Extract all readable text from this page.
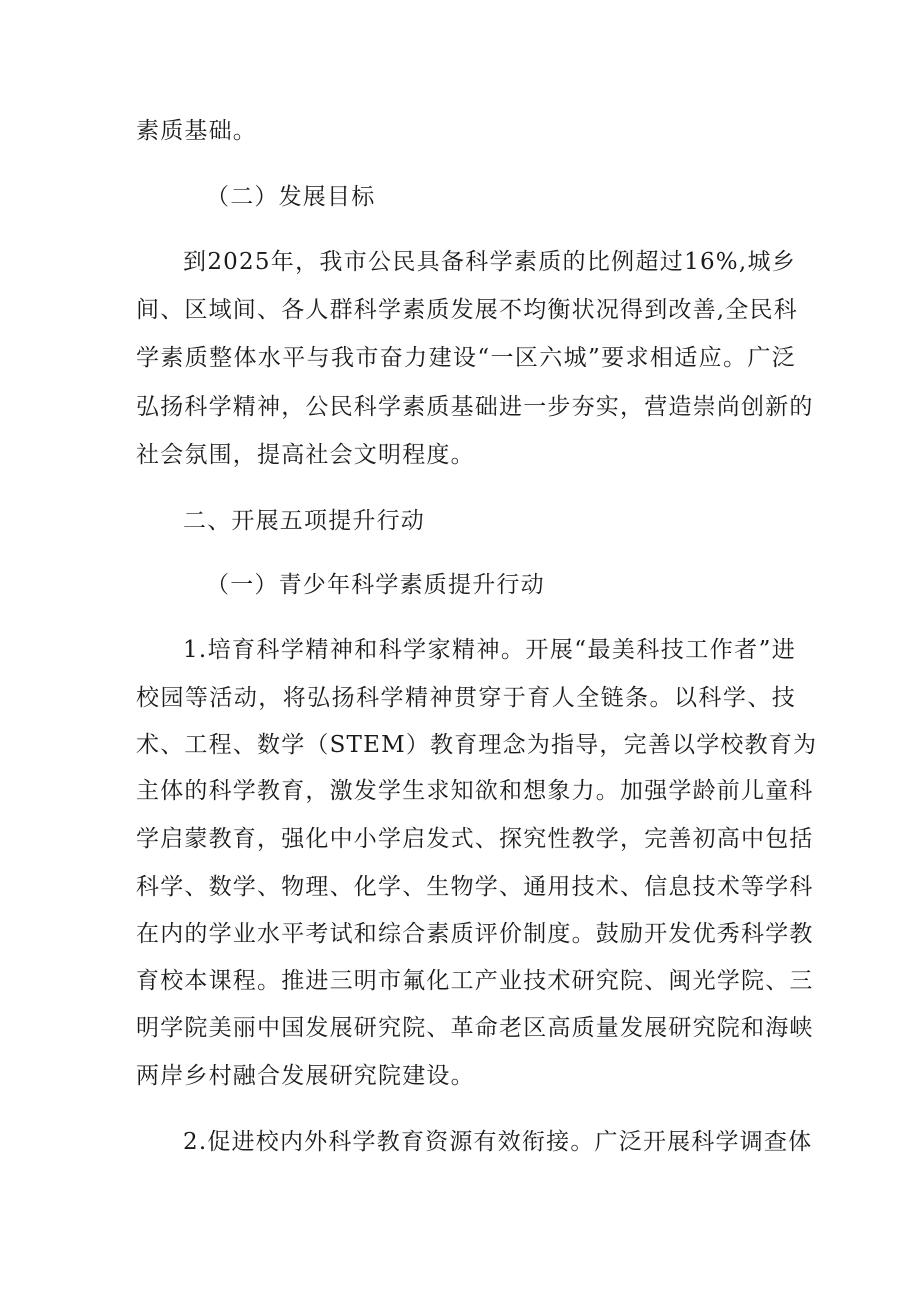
素质基础。
（二）发展目标
到2025年，我市公民具备科学素质的比例超过16%,城乡
间、区域间、各人群科学素质发展不均衡状况得到改善,全民科
学素质整体水平与我市奋力建设“一区六城”要求相适应。广泛
弘扬科学精神，公民科学素质基础进一步夯实，营造崇尚创新的
社会氛围，提高社会文明程度。
二、开展五项提升行动
（一）青少年科学素质提升行动
1.培育科学精神和科学家精神。开展“最美科技工作者”进
校园等活动，将弘扬科学精神贯穿于育人全链条。以科学、技
术、工程、数学（STEM）教育理念为指导，完善以学校教育为
主体的科学教育，激发学生求知欲和想象力。加强学龄前儿童科
学启蒙教育，强化中小学启发式、探究性教学，完善初高中包括
科学、数学、物理、化学、生物学、通用技术、信息技术等学科
在内的学业水平考试和综合素质评价制度。鼓励开发优秀科学教
育校本课程。推进三明市氟化工产业技术研究院、闽光学院、三
明学院美丽中国发展研究院、革命老区高质量发展研究院和海峡
两岸乡村融合发展研究院建设。
2.促进校内外科学教育资源有效衔接。广泛开展科学调查体
